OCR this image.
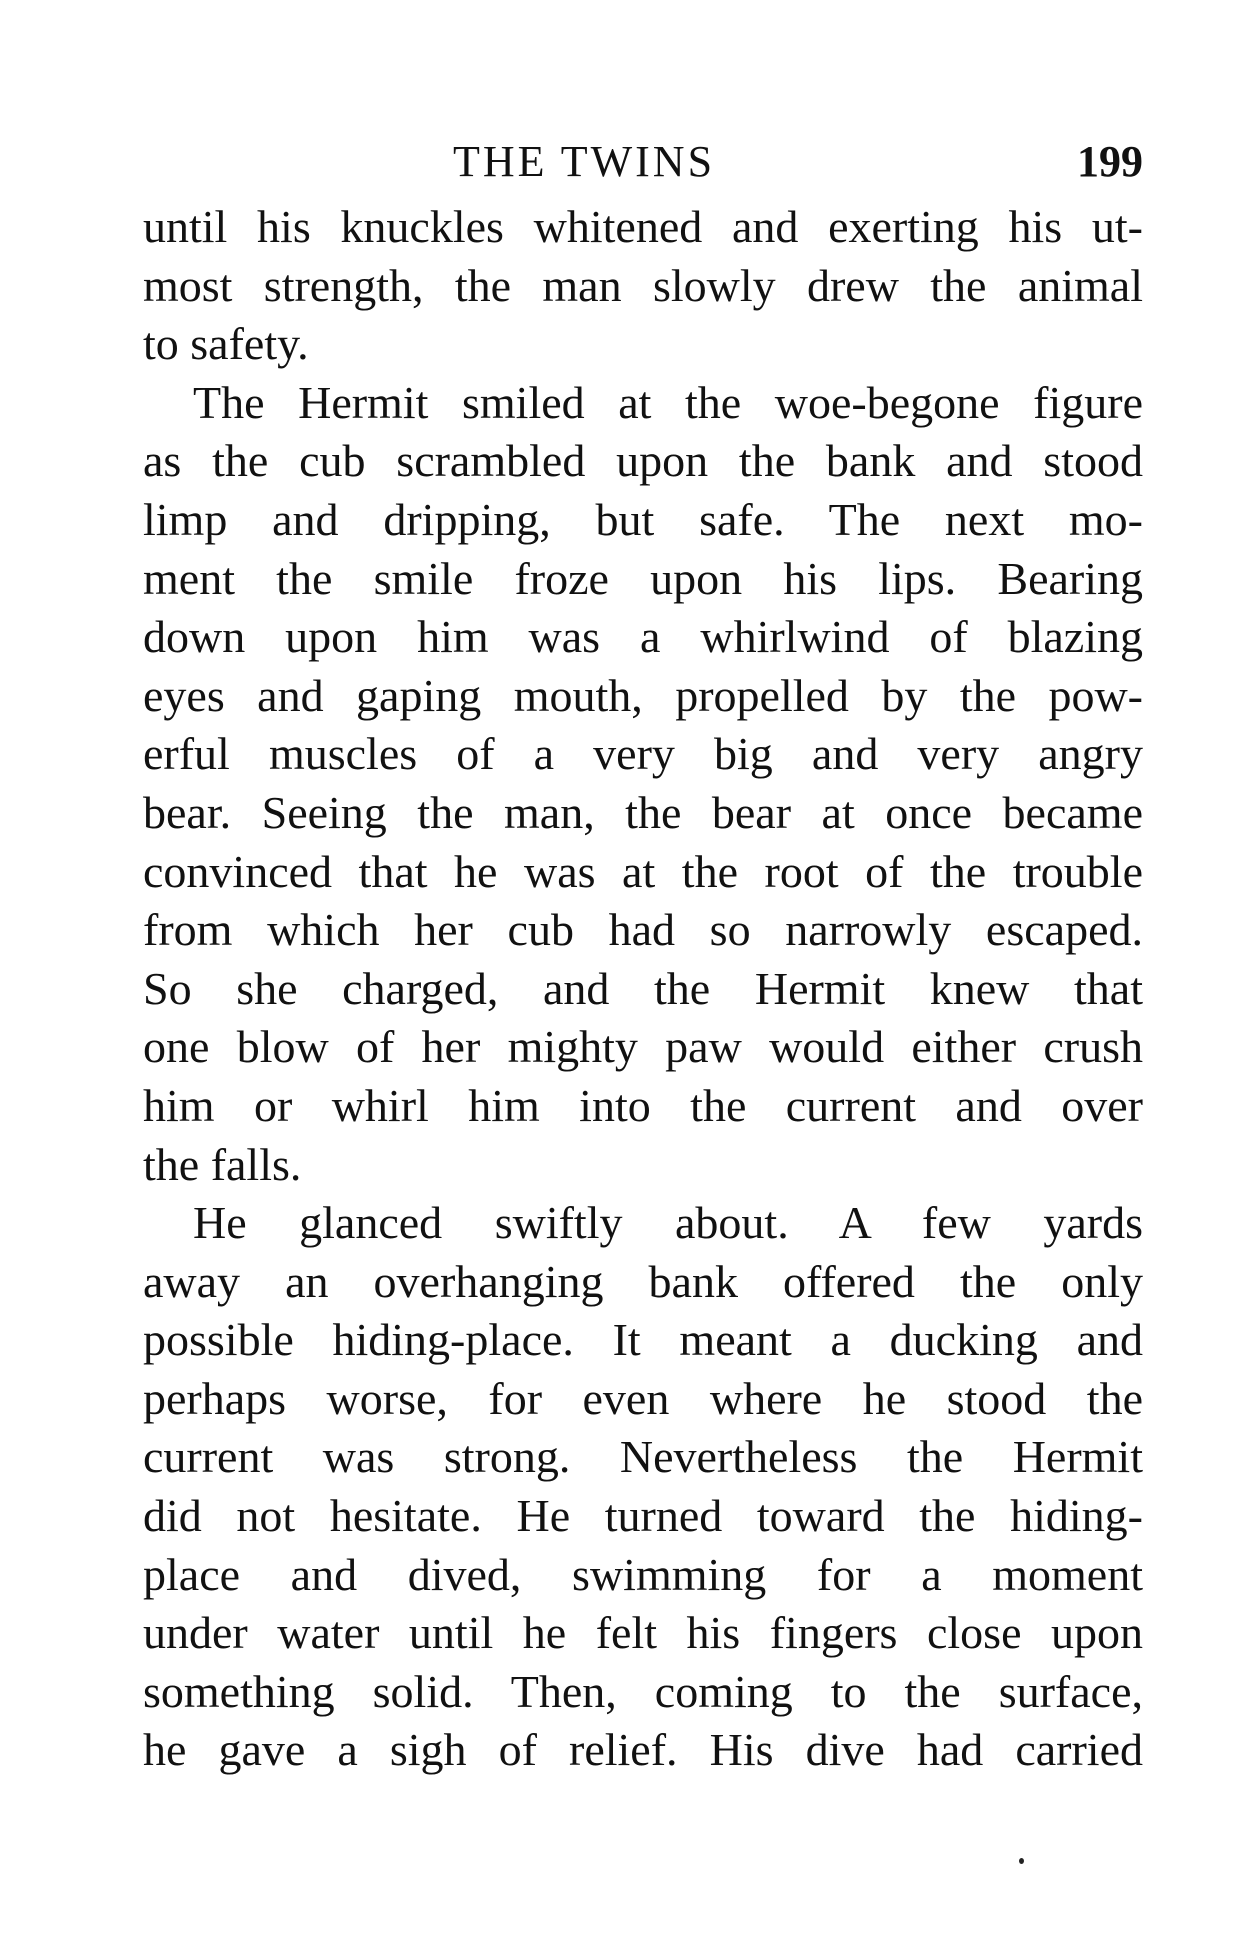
THE TWINS	199
until his knuckles whitened and exerting his ut-
most strength, the man slowly drew the animal
to safety.
The Hermit smiled at the woe-begone figure
as the cub scrambled upon the bank and stood
limp and dripping, but safe. The next mo-
ment the smile froze upon his lips. Bearing
down upon him was a whirlwind of blazing
eyes and gaping mouth, propelled by the pow-
erful muscles of a very big and very angry
bear. Seeing the man, the bear at once became
convinced that he was at the root of the trouble
from which her cub had so narrowly escaped.
So she charged, and the Hermit knew that
one blow of her mighty paw would either crush
him or whirl him into the current and over
the falls.
He glanced swiftly about. A few yards
away an overhanging bank offered the only
possible hiding-place. It meant a ducking and
perhaps worse, for even where he stood the
current was strong. Nevertheless the Hermit
did not hesitate. He turned toward the hiding-
place and dived, swimming for a moment
under water until he felt his fingers close upon
something solid. Then, coming to the surface,
he gave a sigh of relief. His dive had carried
